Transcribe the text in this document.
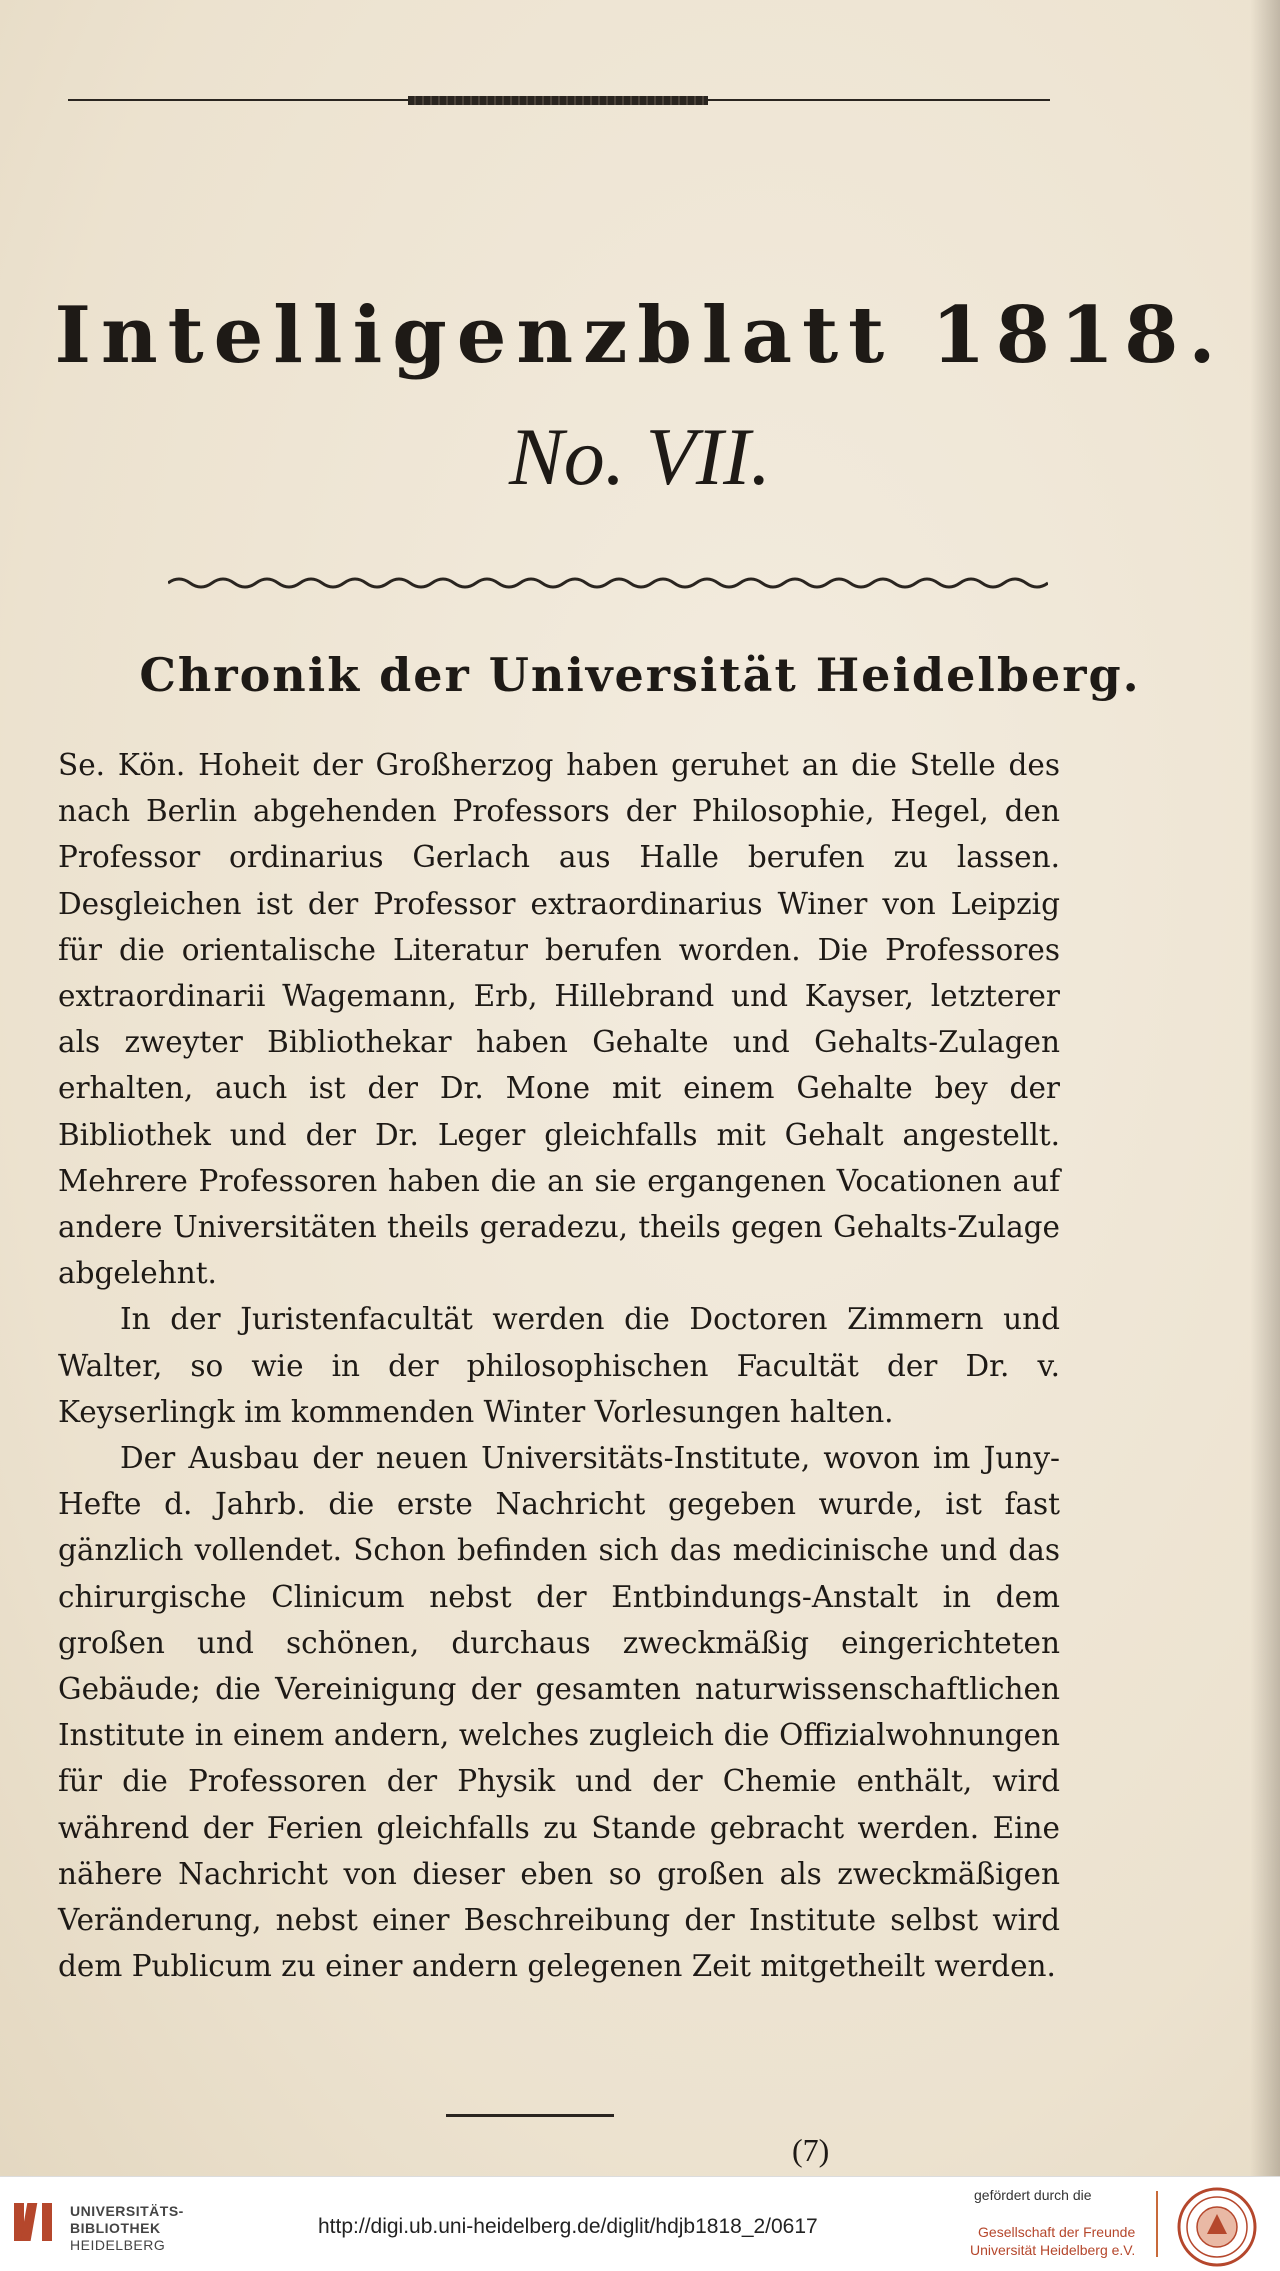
Intelligenzblatt 1818.
No. VII.
Chronik der Universität Heidelberg.

Se. Kön. Hoheit der Großherzog haben geruhet an die Stelle des nach Berlin abgehenden Professors der Philosophie, Hegel, den Professor ordinarius Gerlach aus Halle berufen zu lassen. Desgleichen ist der Professor extraordinarius Winer von Leipzig für die orientalische Literatur berufen worden. Die Professores extraordinarii Wagemann, Erb, Hillebrand und Kayser, letzterer als zweyter Bibliothekar haben Gehalte und Gehalts-Zulagen erhalten, auch ist der Dr. Mone mit einem Gehalte bey der Bibliothek und der Dr. Leger gleichfalls mit Gehalt angestellt. Mehrere Professoren haben die an sie ergangenen Vocationen auf andere Universitäten theils geradezu, theils gegen Gehalts-Zulage abgelehnt.

In der Juristenfacultät werden die Doctoren Zimmern und Walter, so wie in der philosophischen Facultät der Dr. v. Keyserlingk im kommenden Winter Vorlesungen halten.

Der Ausbau der neuen Universitäts-Institute, wovon im Juny-Hefte d. Jahrb. die erste Nachricht gegeben wurde, ist fast gänzlich vollendet. Schon befinden sich das medicinische und das chirurgische Clinicum nebst der Entbindungs-Anstalt in dem großen und schönen, durchaus zweckmäßig eingerichteten Gebäude; die Vereinigung der gesamten naturwissenschaftlichen Institute in einem andern, welches zugleich die Offizialwohnungen für die Professoren der Physik und der Chemie enthält, wird während der Ferien gleichfalls zu Stande gebracht werden. Eine nähere Nachricht von dieser eben so großen als zweckmäßigen Veränderung, nebst einer Beschreibung der Institute selbst wird dem Publicum zu einer andern gelegenen Zeit mitgetheilt werden.

(7)
UNIVERSITÄTS-
BIBLIOTHEK
HEIDELBERG
http://digi.ub.uni-heidelberg.de/diglit/hdjb1818_2/0617
gefördert durch die
Gesellschaft der Freunde
Universität Heidelberg e.V.
